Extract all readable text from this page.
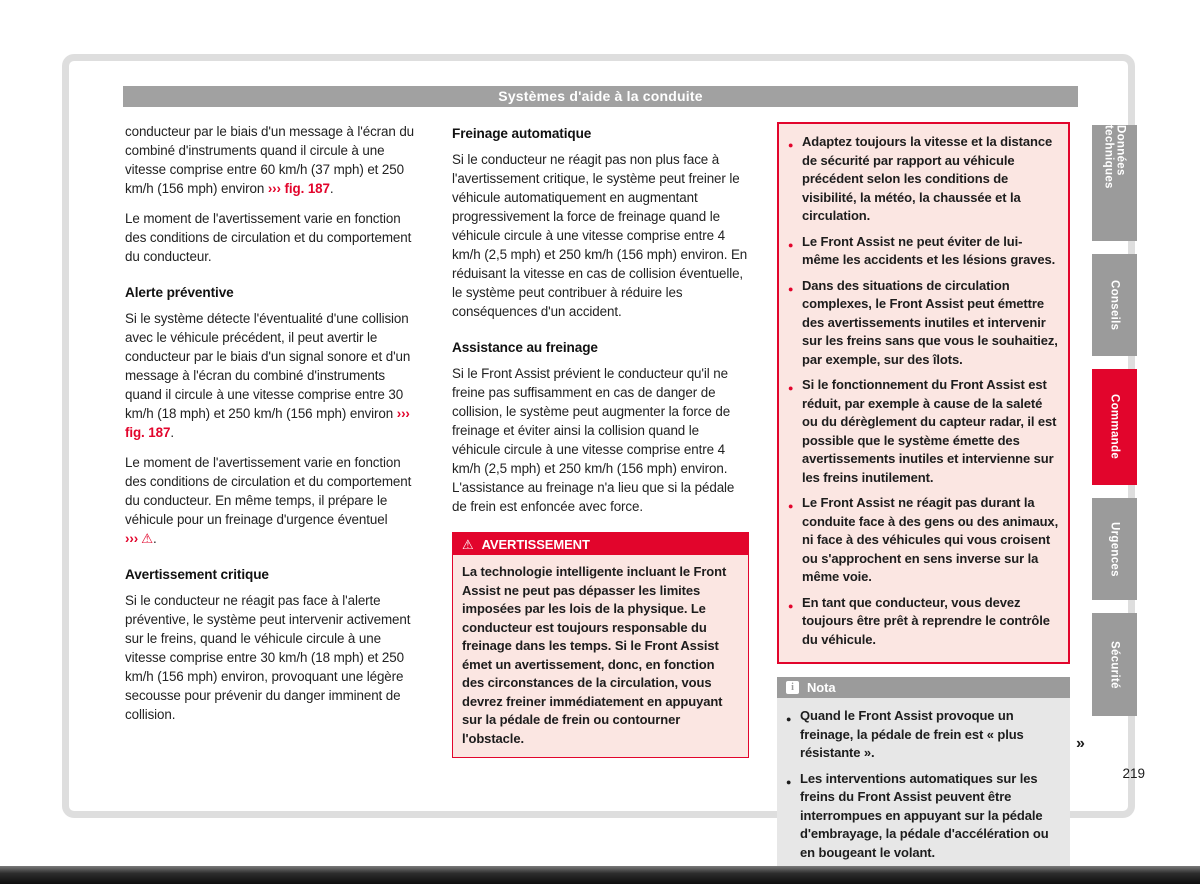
Systèmes d'aide à la conduite

conducteur par le biais d'un message à l'écran du combiné d'instruments quand il circule à une vitesse comprise entre 60 km/h (37 mph) et 250 km/h (156 mph) environ ››› fig. 187.

Le moment de l'avertissement varie en fonction des conditions de circulation et du comportement du conducteur.

Alerte préventive

Si le système détecte l'éventualité d'une collision avec le véhicule précédent, il peut avertir le conducteur par le biais d'un signal sonore et d'un message à l'écran du combiné d'instruments quand il circule à une vitesse comprise entre 30 km/h (18 mph) et 250 km/h (156 mph) environ ››› fig. 187.

Le moment de l'avertissement varie en fonction des conditions de circulation et du comportement du conducteur. En même temps, il prépare le véhicule pour un freinage d'urgence éventuel ››› ⚠.

Avertissement critique

Si le conducteur ne réagit pas face à l'alerte préventive, le système peut intervenir activement sur le freins, quand le véhicule circule à une vitesse comprise entre 30 km/h (18 mph) et 250 km/h (156 mph) environ, provoquant une légère secousse pour prévenir du danger imminent de collision.

Freinage automatique

Si le conducteur ne réagit pas non plus face à l'avertissement critique, le système peut freiner le véhicule automatiquement en augmentant progressivement la force de freinage quand le véhicule circule à une vitesse comprise entre 4 km/h (2,5 mph) et 250 km/h (156 mph) environ. En réduisant la vitesse en cas de collision éventuelle, le système peut contribuer à réduire les conséquences d'un accident.

Assistance au freinage

Si le Front Assist prévient le conducteur qu'il ne freine pas suffisamment en cas de danger de collision, le système peut augmenter la force de freinage et éviter ainsi la collision quand le véhicule circule à une vitesse comprise entre 4 km/h (2,5 mph) et 250 km/h (156 mph) environ. L'assistance au freinage n'a lieu que si la pédale de frein est enfoncée avec force.

⚠ AVERTISSEMENT
La technologie intelligente incluant le Front Assist ne peut pas dépasser les limites imposées par les lois de la physique. Le conducteur est toujours responsable du freinage dans les temps. Si le Front Assist émet un avertissement, donc, en fonction des circonstances de la circulation, vous devrez freiner immédiatement en appuyant sur la pédale de frein ou contourner l'obstacle.
● Adaptez toujours la vitesse et la distance de sécurité par rapport au véhicule précédent selon les conditions de visibilité, la météo, la chaussée et la circulation.
● Le Front Assist ne peut éviter de lui-même les accidents et les lésions graves.
● Dans des situations de circulation complexes, le Front Assist peut émettre des avertissements inutiles et intervenir sur les freins sans que vous le souhaitiez, par exemple, sur des îlots.
● Si le fonctionnement du Front Assist est réduit, par exemple à cause de la saleté ou du dérèglement du capteur radar, il est possible que le système émette des avertissements inutiles et intervienne sur les freins inutilement.
● Le Front Assist ne réagit pas durant la conduite face à des gens ou des animaux, ni face à des véhicules qui vous croisent ou s'approchent en sens inverse sur la même voie.
● En tant que conducteur, vous devez toujours être prêt à reprendre le contrôle du véhicule.
i	Nota
● Quand le Front Assist provoque un freinage, la pédale de frein est « plus résistante ».
● Les interventions automatiques sur les freins du Front Assist peuvent être interrompues en appuyant sur la pédale d'embrayage, la pédale d'accélération ou en bougeant le volant.
Données techniques
Conseils
Commande
Urgences
Sécurité
»
219
